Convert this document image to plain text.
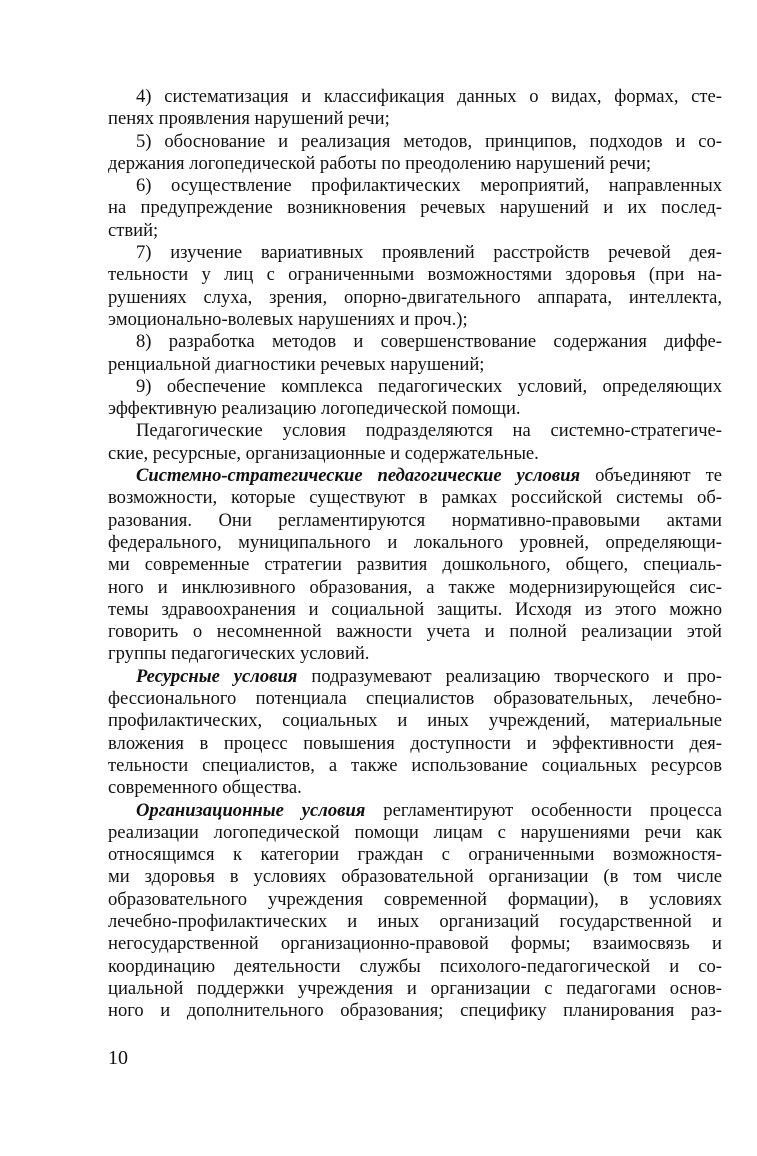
4) систематизация и классификация данных о видах, формах, сте-
пенях проявления нарушений речи;
5) обоснование и реализация методов, принципов, подходов и со-
держания логопедической работы по преодолению нарушений речи;
6) осуществление профилактических мероприятий, направленных
на предупреждение возникновения речевых нарушений и их послед-
ствий;
7) изучение вариативных проявлений расстройств речевой дея-
тельности у лиц с ограниченными возможностями здоровья (при на-
рушениях слуха, зрения, опорно-двигательного аппарата, интеллекта,
эмоционально-волевых нарушениях и проч.);
8) разработка методов и совершенствование содержания диффе-
ренциальной диагностики речевых нарушений;
9) обеспечение комплекса педагогических условий, определяющих
эффективную реализацию логопедической помощи.
Педагогические условия подразделяются на системно-стратегиче-
ские, ресурсные, организационные и содержательные.
Системно-стратегические педагогические условия объединяют те
возможности, которые существуют в рамках российской системы об-
разования. Они регламентируются нормативно-правовыми актами
федерального, муниципального и локального уровней, определяющи-
ми современные стратегии развития дошкольного, общего, специаль-
ного и инклюзивного образования, а также модернизирующейся сис-
темы здравоохранения и социальной защиты. Исходя из этого можно
говорить о несомненной важности учета и полной реализации этой
группы педагогических условий.
Ресурсные условия подразумевают реализацию творческого и про-
фессионального потенциала специалистов образовательных, лечебно-
профилактических, социальных и иных учреждений, материальные
вложения в процесс повышения доступности и эффективности дея-
тельности специалистов, а также использование социальных ресурсов
современного общества.
Организационные условия регламентируют особенности процесса
реализации логопедической помощи лицам с нарушениями речи как
относящимся к категории граждан с ограниченными возможностя-
ми здоровья в условиях образовательной организации (в том числе
образовательного учреждения современной формации), в условиях
лечебно-профилактических и иных организаций государственной и
негосударственной организационно-правовой формы; взаимосвязь и
координацию деятельности службы психолого-педагогической и со-
циальной поддержки учреждения и организации с педагогами основ-
ного и дополнительного образования; специфику планирования раз-
10
